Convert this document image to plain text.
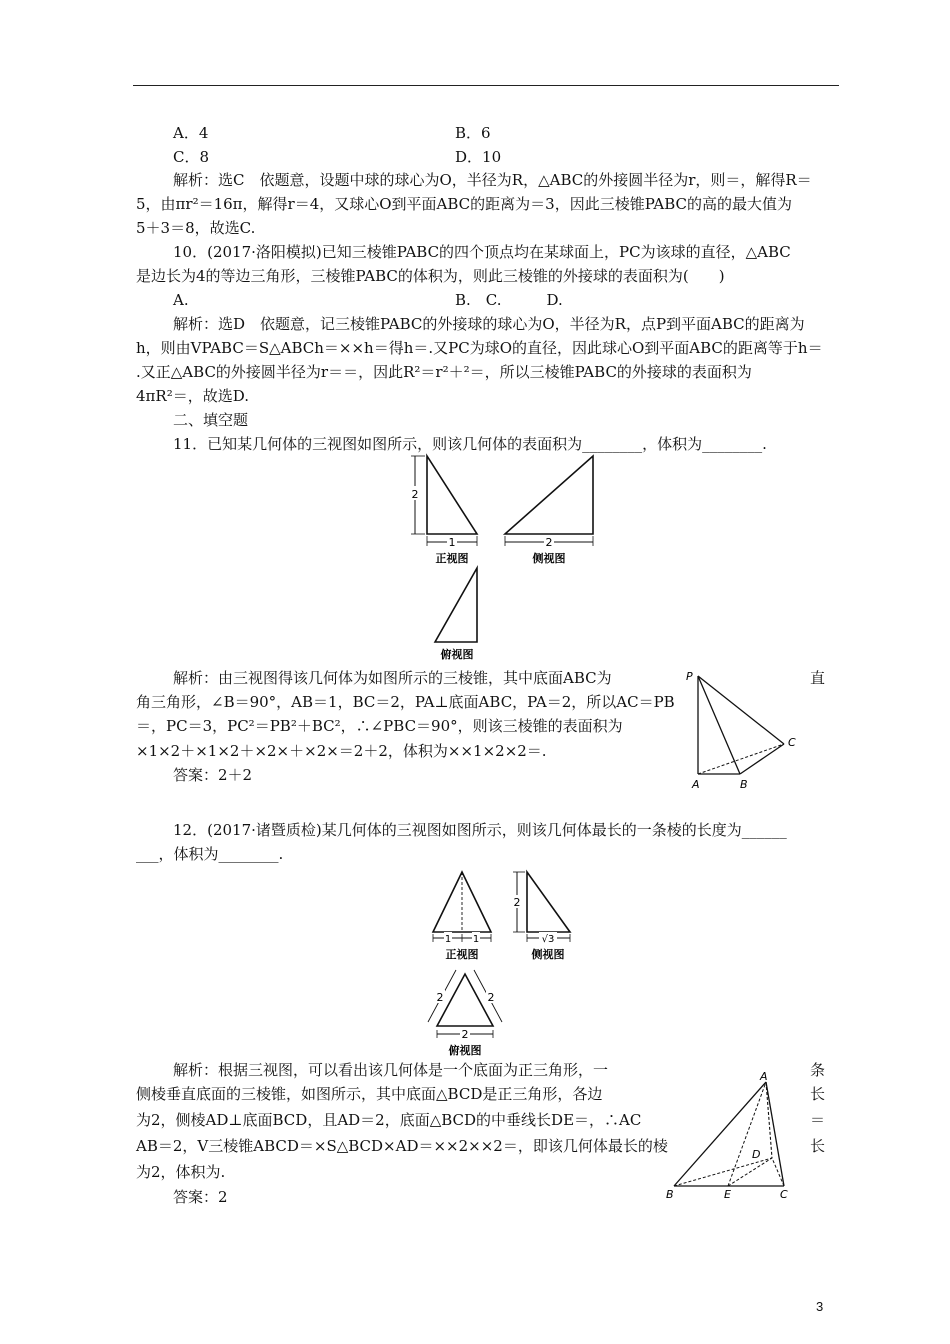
A．4	B．6
C．8	D．10
解析：选C　依题意，设题中球的球心为O，半径为R，△ABC的外接圆半径为r，则＝，解得R＝
5，由πr²＝16π，解得r＝4，又球心O到平面ABC的距离为＝3，因此三棱锥PABC的高的最大值为
5＋3＝8，故选C.
10．(2017·洛阳模拟)已知三棱锥PABC的四个顶点均在某球面上，PC为该球的直径，△ABC
是边长为4的等边三角形，三棱锥PABC的体积为，则此三棱锥的外接球的表面积为(　　)
A.	B.　C.　　　D.
解析：选D　依题意，记三棱锥PABC的外接球的球心为O，半径为R，点P到平面ABC的距离为
h，则由VPABC＝S△ABCh＝××h＝得h＝.又PC为球O的直径，因此球心O到平面ABC的距离等于h＝
.又正△ABC的外接圆半径为r＝＝，因此R²＝r²＋²＝，所以三棱锥PABC的外接球的表面积为
4πR²＝，故选D.
二、填空题
11．已知某几何体的三视图如图所示，则该几何体的表面积为________，体积为________.
2
1
正视图
2
侧视图
俯视图
解析：由三视图得该几何体为如图所示的三棱锥，其中底面ABC为	直
角三角形，∠B＝90°，AB＝1，BC＝2，PA⊥底面ABC，PA＝2，所以AC＝PB
＝，PC＝3，PC²＝PB²＋BC²，∴∠PBC＝90°，则该三棱锥的表面积为
×1×2＋×1×2＋×2×＋×2×＝2＋2，体积为××1×2×2＝.
答案：2＋2
P
A	B
C
12．(2017·诸暨质检)某几何体的三视图如图所示，则该几何体最长的一条棱的长度为______
___，体积为________.
1 1
正视图
2
√3
侧视图
2	2
2
俯视图
解析：根据三视图，可以看出该几何体是一个底面为正三角形，一	条
侧棱垂直底面的三棱锥，如图所示，其中底面△BCD是正三角形，各边	长
为2，侧棱AD⊥底面BCD，且AD＝2，底面△BCD的中垂线长DE＝，∴AC	＝
AB＝2，V三棱锥ABCD＝×S△BCD×AD＝××2××2＝，即该几何体最长的棱	长
为2，体积为.
答案：2
A
B	C
D
E
3
